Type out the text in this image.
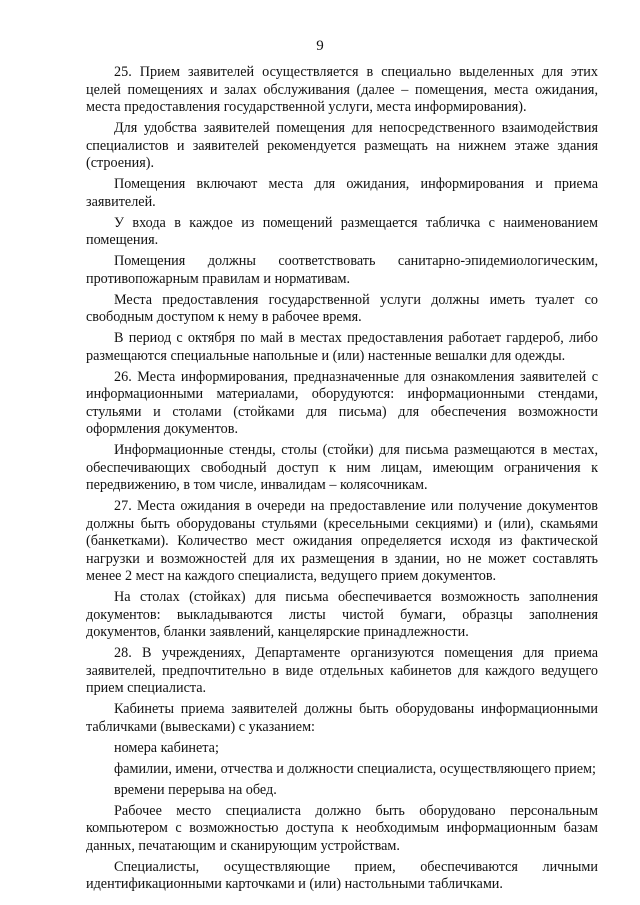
9

25. Прием заявителей осуществляется в специально выделенных для этих целей помещениях и залах обслуживания (далее – помещения, места ожидания, места предоставления государственной услуги, места информирования).

Для удобства заявителей помещения для непосредственного взаимодействия специалистов и заявителей рекомендуется размещать на нижнем этаже здания (строения).

Помещения включают места для ожидания, информирования и приема заявителей.

У входа в каждое из помещений размещается табличка с наименованием помещения.

Помещения должны соответствовать санитарно-эпидемиологическим, противопожарным правилам и нормативам.

Места предоставления государственной услуги должны иметь туалет со свободным доступом к нему в рабочее время.

В период с октября по май в местах предоставления работает гардероб, либо размещаются специальные напольные и (или) настенные вешалки для одежды.

26. Места информирования, предназначенные для ознакомления заявителей с информационными материалами, оборудуются: информационными стендами, стульями и столами (стойками для письма) для обеспечения возможности оформления документов.

Информационные стенды, столы (стойки) для письма размещаются в местах, обеспечивающих свободный доступ к ним лицам, имеющим ограничения к передвижению, в том числе, инвалидам – колясочникам.

27. Места ожидания в очереди на предоставление или получение документов должны быть оборудованы стульями (кресельными секциями) и (или), скамьями (банкетками). Количество мест ожидания определяется исходя из фактической нагрузки и возможностей для их размещения в здании, но не может составлять менее 2 мест на каждого специалиста, ведущего прием документов.

На столах (стойках) для письма обеспечивается возможность заполнения документов: выкладываются листы чистой бумаги, образцы заполнения документов, бланки заявлений, канцелярские принадлежности.

28. В учреждениях, Департаменте организуются помещения для приема заявителей, предпочтительно в виде отдельных кабинетов для каждого ведущего прием специалиста.

Кабинеты приема заявителей должны быть оборудованы информационными табличками (вывесками) с указанием:

номера кабинета;

фамилии, имени, отчества и должности специалиста, осуществляющего прием;

времени перерыва на обед.

Рабочее место специалиста должно быть оборудовано персональным компьютером с возможностью доступа к необходимым информационным базам данных, печатающим и сканирующим устройствам.

Специалисты, осуществляющие прием, обеспечиваются личными идентификационными карточками и (или) настольными табличками.
